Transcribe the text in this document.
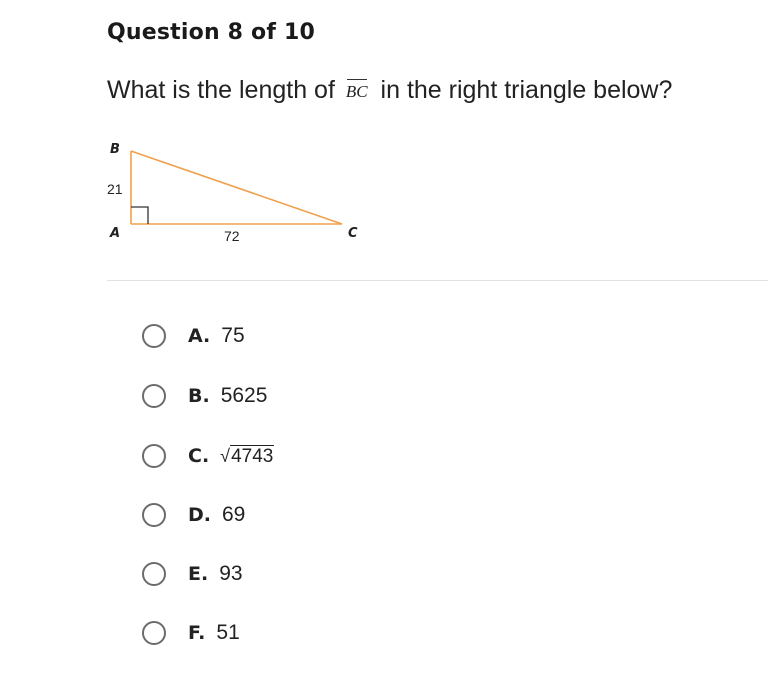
Question 8 of 10
What is the length of BC in the right triangle below?
B
A	C
21
72
A. 75
B. 5625
C. √ 4743
D. 69
E. 93
F. 51
